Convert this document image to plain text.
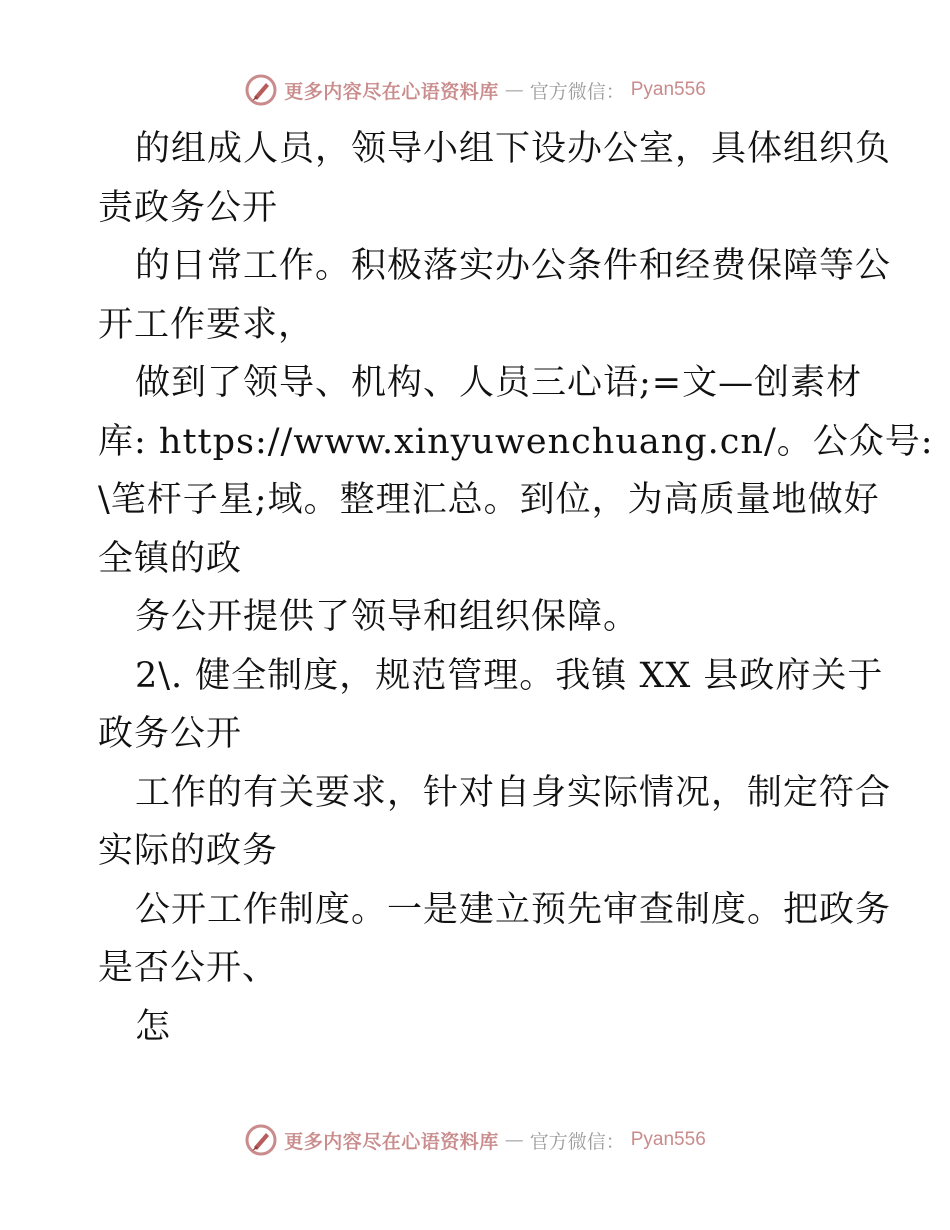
更多内容尽在心语资料库 — 官方微信： Pyan556
的组成人员，领导小组下设办公室，具体组织负
责政务公开
的日常工作。积极落实办公条件和经费保障等公
开工作要求，
做到了领导、机构、人员三心语;=文—创素材
库: https://www.xinyuwenchuang.cn/。公众号:
\笔杆子星;域。整理汇总。到位，为高质量地做好
全镇的政
务公开提供了领导和组织保障。
2\. 健全制度，规范管理。我镇 XX 县政府关于
政务公开
工作的有关要求，针对自身实际情况，制定符合
实际的政务
公开工作制度。一是建立预先审查制度。把政务
是否公开、
怎
更多内容尽在心语资料库 — 官方微信： Pyan556
